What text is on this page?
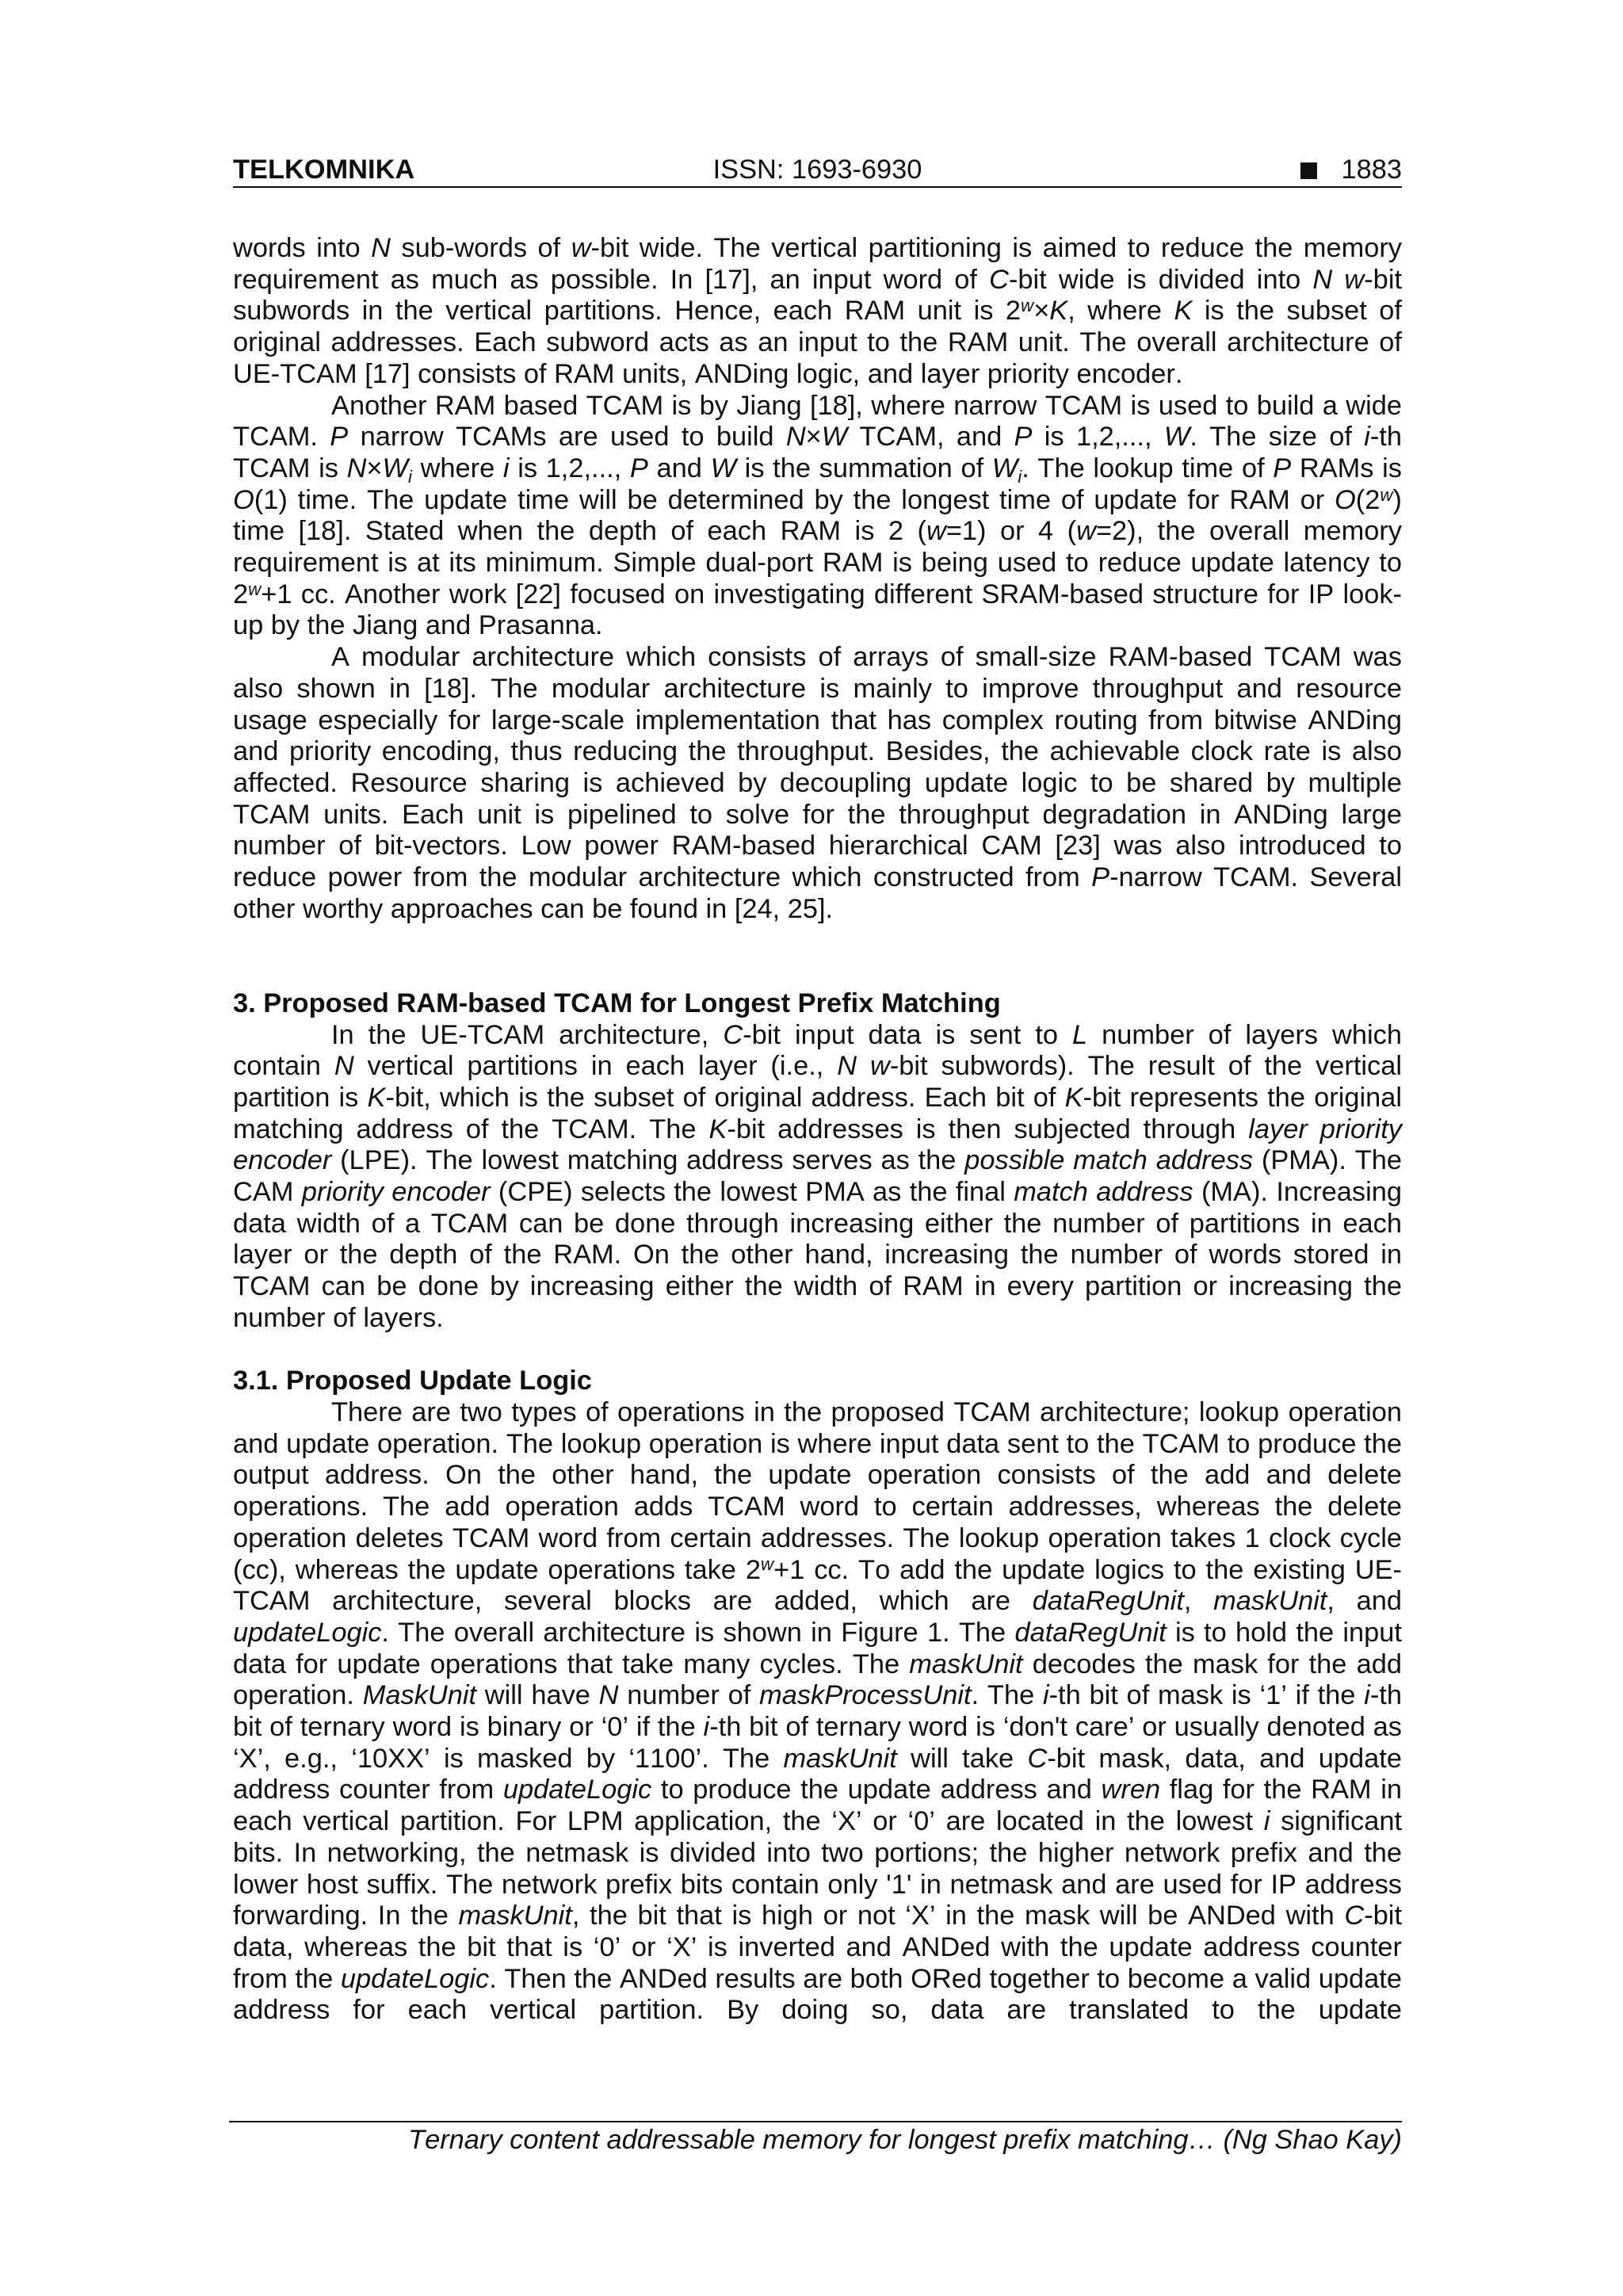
TELKOMNIKA	ISSN: 1693-6930	1883

words into N sub-words of w-bit wide. The vertical partitioning is aimed to reduce the memory requirement as much as possible. In [17], an input word of C-bit wide is divided into N w-bit subwords in the vertical partitions. Hence, each RAM unit is $2^w\times K$, where K is the subset of original addresses. Each subword acts as an input to the RAM unit. The overall architecture of UE-TCAM [17] consists of RAM units, ANDing logic, and layer priority encoder.

Another RAM based TCAM is by Jiang [18], where narrow TCAM is used to build a wide TCAM. P narrow TCAMs are used to build N×W TCAM, and P is 1,2,..., W. The size of i-th TCAM is $N\times W_i$ where i is 1,2,..., P and W is the summation of $W_i$. The lookup time of P RAMs is O(1) time. The update time will be determined by the longest time of update for RAM or O(2$^w$) time [18]. Stated when the depth of each RAM is 2 (w=1) or 4 (w=2), the overall memory requirement is at its minimum. Simple dual-port RAM is being used to reduce update latency to $2^w+1$ cc. Another work [22] focused on investigating different SRAM-based structure for IP look-up by the Jiang and Prasanna.

A modular architecture which consists of arrays of small-size RAM-based TCAM was also shown in [18]. The modular architecture is mainly to improve throughput and resource usage especially for large-scale implementation that has complex routing from bitwise ANDing and priority encoding, thus reducing the throughput. Besides, the achievable clock rate is also affected. Resource sharing is achieved by decoupling update logic to be shared by multiple TCAM units. Each unit is pipelined to solve for the throughput degradation in ANDing large number of bit-vectors. Low power RAM-based hierarchical CAM [23] was also introduced to reduce power from the modular architecture which constructed from P-narrow TCAM. Several other worthy approaches can be found in [24, 25].

3. Proposed RAM-based TCAM for Longest Prefix Matching

In the UE-TCAM architecture, C-bit input data is sent to L number of layers which contain N vertical partitions in each layer (i.e., N w-bit subwords). The result of the vertical partition is K-bit, which is the subset of original address. Each bit of K-bit represents the original matching address of the TCAM. The K-bit addresses is then subjected through layer priority encoder (LPE). The lowest matching address serves as the possible match address (PMA). The CAM priority encoder (CPE) selects the lowest PMA as the final match address (MA). Increasing data width of a TCAM can be done through increasing either the number of partitions in each layer or the depth of the RAM. On the other hand, increasing the number of words stored in TCAM can be done by increasing either the width of RAM in every partition or increasing the number of layers.

3.1. Proposed Update Logic

There are two types of operations in the proposed TCAM architecture; lookup operation and update operation. The lookup operation is where input data sent to the TCAM to produce the output address. On the other hand, the update operation consists of the add and delete operations. The add operation adds TCAM word to certain addresses, whereas the delete operation deletes TCAM word from certain addresses. The lookup operation takes 1 clock cycle (cc), whereas the update operations take $2^w+1$ cc. To add the update logics to the existing UE-TCAM architecture, several blocks are added, which are dataRegUnit, maskUnit, and updateLogic. The overall architecture is shown in Figure 1. The dataRegUnit is to hold the input data for update operations that take many cycles. The maskUnit decodes the mask for the add operation. MaskUnit will have N number of maskProcessUnit. The i-th bit of mask is ‘1’ if the i-th bit of ternary word is binary or ‘0’ if the i-th bit of ternary word is ‘don't care’ or usually denoted as ‘X’, e.g., ‘10XX’ is masked by ‘1100’. The maskUnit will take C-bit mask, data, and update address counter from updateLogic to produce the update address and wren flag for the RAM in each vertical partition. For LPM application, the ‘X’ or ‘0’ are located in the lowest i significant bits. In networking, the netmask is divided into two portions; the higher network prefix and the lower host suffix. The network prefix bits contain only '1' in netmask and are used for IP address forwarding. In the maskUnit, the bit that is high or not ‘X’ in the mask will be ANDed with C-bit data, whereas the bit that is ‘0’ or ‘X’ is inverted and ANDed with the update address counter from the updateLogic. Then the ANDed results are both ORed together to become a valid update address for each vertical partition. By doing so, data are translated to the update

Ternary content addressable memory for longest prefix matching… (Ng Shao Kay)
